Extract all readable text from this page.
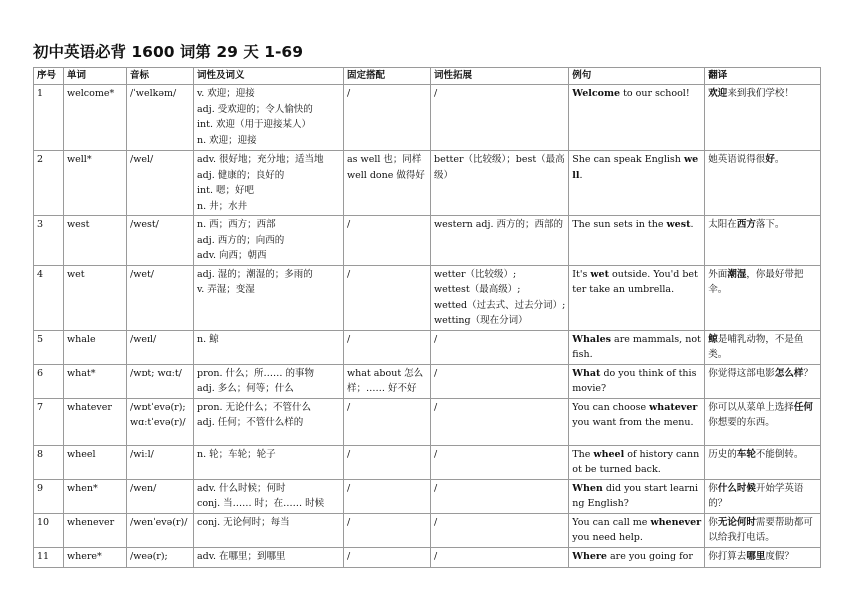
初中英语必背 1600 词第 29 天 1-69
序号	单词	音标	词性及词义	固定搭配	词性拓展	例句	翻译
1	welcome*	/ˈwelkəm/	v. 欢迎；迎接
adj. 受欢迎的；令人愉快的
int. 欢迎（用于迎接某人）
n. 欢迎；迎接	/	/	Welcome to our school!	欢迎来到我们学校！
2	well*	/wel/	adv. 很好地；充分地；适当地
adj. 健康的；良好的
int. 嗯；好吧
n. 井；水井	as well 也；同样 well done 做得好	better（比较级）；best（最高级）	She can speak English well.	她英语说得很好。
3	west	/west/	n. 西；西方；西部
adj. 西方的；向西的
adv. 向西；朝西	/	western adj. 西方的；西部的	The sun sets in the west.	太阳在西方落下。
4	wet	/wet/	adj. 湿的；潮湿的；多雨的
v. 弄湿；变湿	/	wetter（比较级）;
wettest（最高级）;
wetted（过去式、过去分词）;
wetting（现在分词）	It's wet outside. You'd better take an umbrella.	外面潮湿，你最好带把伞。
5	whale	/weɪl/	n. 鲸	/	/	Whales are mammals, not fish.	鲸是哺乳动物，不是鱼类。
6	what*	/wɒt; wɑːt/	pron. 什么；所…… 的事物
adj. 多么；何等；什么	what about 怎么样；…… 好不好	/	What do you think of this movie?	你觉得这部电影怎么样？
7	whatever	/wɒtˈevə(r);
wɑːtˈevə(r)/	pron. 无论什么；不管什么
adj. 任何；不管什么样的	/	/	You can choose whatever you want from the menu.	你可以从菜单上选择任何你想要的东西。
8	wheel	/wiːl/	n. 轮；车轮；轮子	/	/	The wheel of history cannot be turned back.	历史的车轮不能倒转。
9	when*	/wen/	adv. 什么时候；何时
conj. 当…… 时；在…… 时候	/	/	When did you start learning English?	你什么时候开始学英语的？
10	whenever	/wenˈevə(r)/	conj. 无论何时；每当	/	/	You can call me whenever you need help.	你无论何时需要帮助都可以给我打电话。
11	where*	/weə(r);	adv. 在哪里；到哪里	/	/	Where are you going for	你打算去哪里度假？
